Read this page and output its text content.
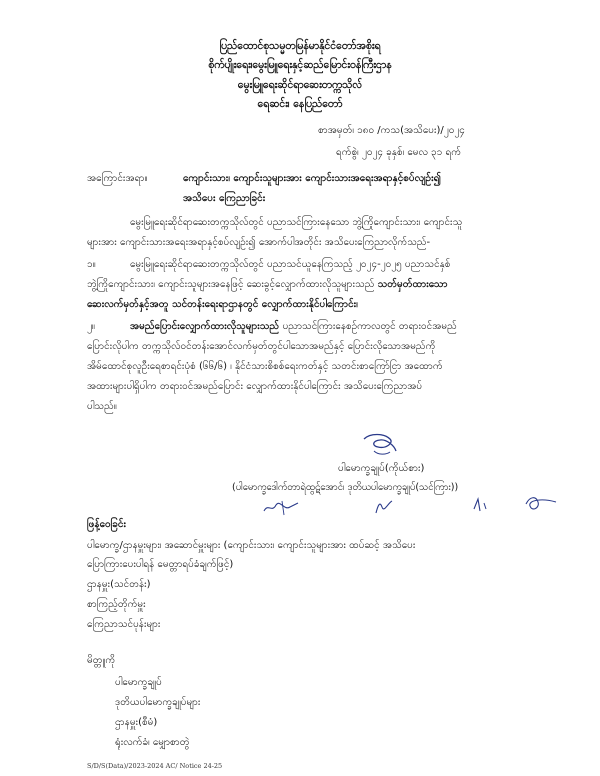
ပြည်ထောင်စုသမ္မတမြန်မာနိုင်ငံတော်အစိုးရ
စိုက်ပျိုးရေး၊မွေးမြူရေးနှင့်ဆည်မြောင်းဝန်ကြီးဌာန
မွေးမြူရေးဆိုင်ရာဆေးတက္ကသိုလ်
ရေဆင်း၊ နေပြည်တော်
စာအမှတ်၊ ၁၈၀ /ကသ(အသိပေး)/၂၀၂၄
ရက်စွဲ၊ ၂၀၂၄ ခုနှစ်၊ မေလ ၃၁ ရက်
အကြောင်းအရာ။	ကျောင်းသား၊ ကျောင်းသူများအား ကျောင်းသားအရေးအရာနှင့်စပ်လျဉ်း၍
အသိပေး ကြေညာခြင်း
မွေးမြူရေးဆိုင်ရာဆေးတက္ကသိုလ်တွင် ပညာသင်ကြားနေသော ဘွဲ့ကြိုကျောင်းသား၊ ကျောင်းသူ
များအား ကျောင်းသားအရေးအရာနှင့်စပ်လျဉ်း၍ အောက်ပါအတိုင်း အသိပေးကြေညာလိုက်သည်-
၁။	မွေးမြူရေးဆိုင်ရာဆေးတက္ကသိုလ်တွင် ပညာသင်ယူနေကြသည့် ၂၀၂၄-၂၀၂၅ ပညာသင်နှစ်
ဘွဲ့ကြိုကျောင်းသား၊ ကျောင်းသူများအနေဖြင့် ဆေးခွင့်လျှောက်ထားလိုသူများသည် သတ်မှတ်ထားသော
ဆေးလက်မှတ်နှင့်အတူ သင်တန်းရေးရာဌာနတွင် လျှောက်ထားနိုင်ပါကြောင်း၊
၂။	အမည်ပြောင်းလျှောက်ထားလိုသူများသည် ပညာသင်ကြားနေစဉ်ကာလတွင် တရားဝင်အမည်
ပြောင်းလိုပါက တက္ကသိုလ်ဝင်တန်းအောင်လက်မှတ်တွင်ပါသောအမည်နှင့် ပြောင်းလိုသောအမည်ကို
အိမ်ထောင်စုလူဦးရေစာရင်းပုံစံ (၆၆/၆) ၊ နိုင်ငံသားစိစစ်ရေးကတ်နှင့် သတင်းစာကြော်ငြာ အထောက်
အထားများပါရှိပါက တရားဝင်အမည်ပြောင်း လျှောက်ထားနိုင်ပါကြောင်း အသိပေးကြေညာအပ်
ပါသည်။
ပါမောက္ခချုပ်(ကိုယ်စား)
(ပါမောက္ခဒေါက်တာရဲထွဋ်အောင်၊ ဒုတိယပါမောက္ခချုပ်(သင်ကြား))
ဖြန့်ဝေခြင်း
ပါမောက္ခ/ဌာနမှူးများ၊ အဆောင်မှူးများ (ကျောင်းသား၊ ကျောင်းသူများအား ထပ်ဆင့် အသိပေး
ပြောကြားပေးပါရန် မေတ္တာရပ်ခံချက်ဖြင့်)
ဌာနမှူး(သင်တန်း)
စာကြည့်တိုက်မှူး
ကြေညာသင်ပုန်းများ
မိတ္တူကို
ပါမောက္ခချုပ်
ဒုတိယပါမောက္ခချုပ်များ
ဌာနမှူး(စီမံ)
ရုံးလက်ခံ၊ မျှောစာတွဲ
S/D/S(Data)/2023-2024 AC/ Notice 24-25
